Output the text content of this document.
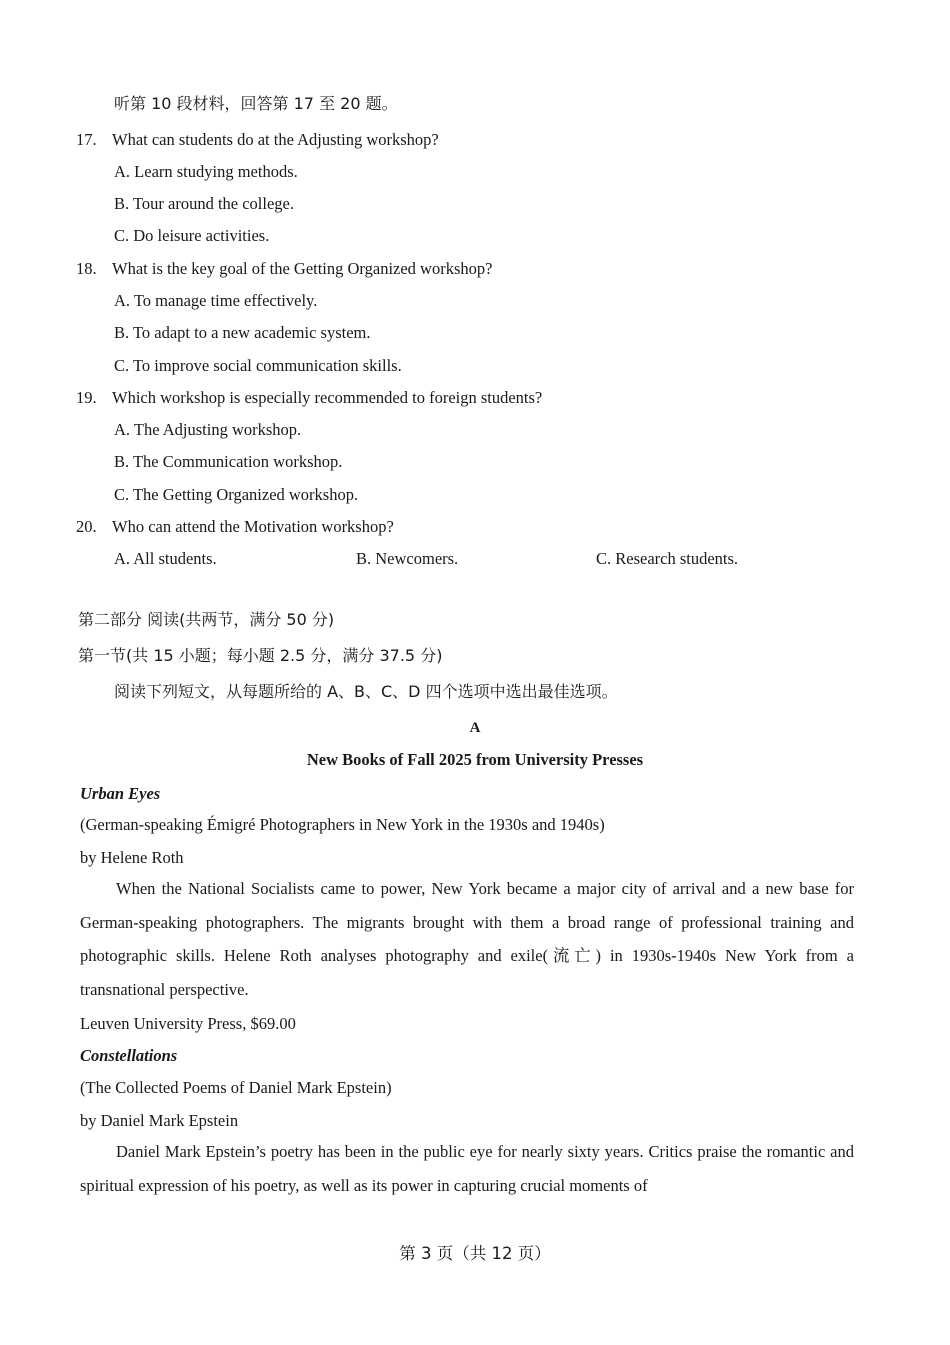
听第 10 段材料，回答第 17 至 20 题。
17. What can students do at the Adjusting workshop?
A. Learn studying methods.
B. Tour around the college.
C. Do leisure activities.
18. What is the key goal of the Getting Organized workshop?
A. To manage time effectively.
B. To adapt to a new academic system.
C. To improve social communication skills.
19. Which workshop is especially recommended to foreign students?
A. The Adjusting workshop.
B. The Communication workshop.
C. The Getting Organized workshop.
20. Who can attend the Motivation workshop?
A. All students.	B. Newcomers.	C. Research students.
第二部分 阅读(共两节，满分 50 分)
第一节(共 15 小题；每小题 2.5 分，满分 37.5 分)
阅读下列短文，从每题所给的 A、B、C、D 四个选项中选出最佳选项。
A
New Books of Fall 2025 from University Presses
Urban Eyes
(German-speaking Émigré Photographers in New York in the 1930s and 1940s)
by Helene Roth
When the National Socialists came to power, New York became a major city of arrival and a new base for German-speaking photographers. The migrants brought with them a broad range of professional training and photographic skills. Helene Roth analyses photography and exile(流亡) in 1930s-1940s New York from a transnational perspective.
Leuven University Press, $69.00
Constellations
(The Collected Poems of Daniel Mark Epstein)
by Daniel Mark Epstein
Daniel Mark Epstein’s poetry has been in the public eye for nearly sixty years. Critics praise the romantic and spiritual expression of his poetry, as well as its power in capturing crucial moments of
第 3 页（共 12 页）
